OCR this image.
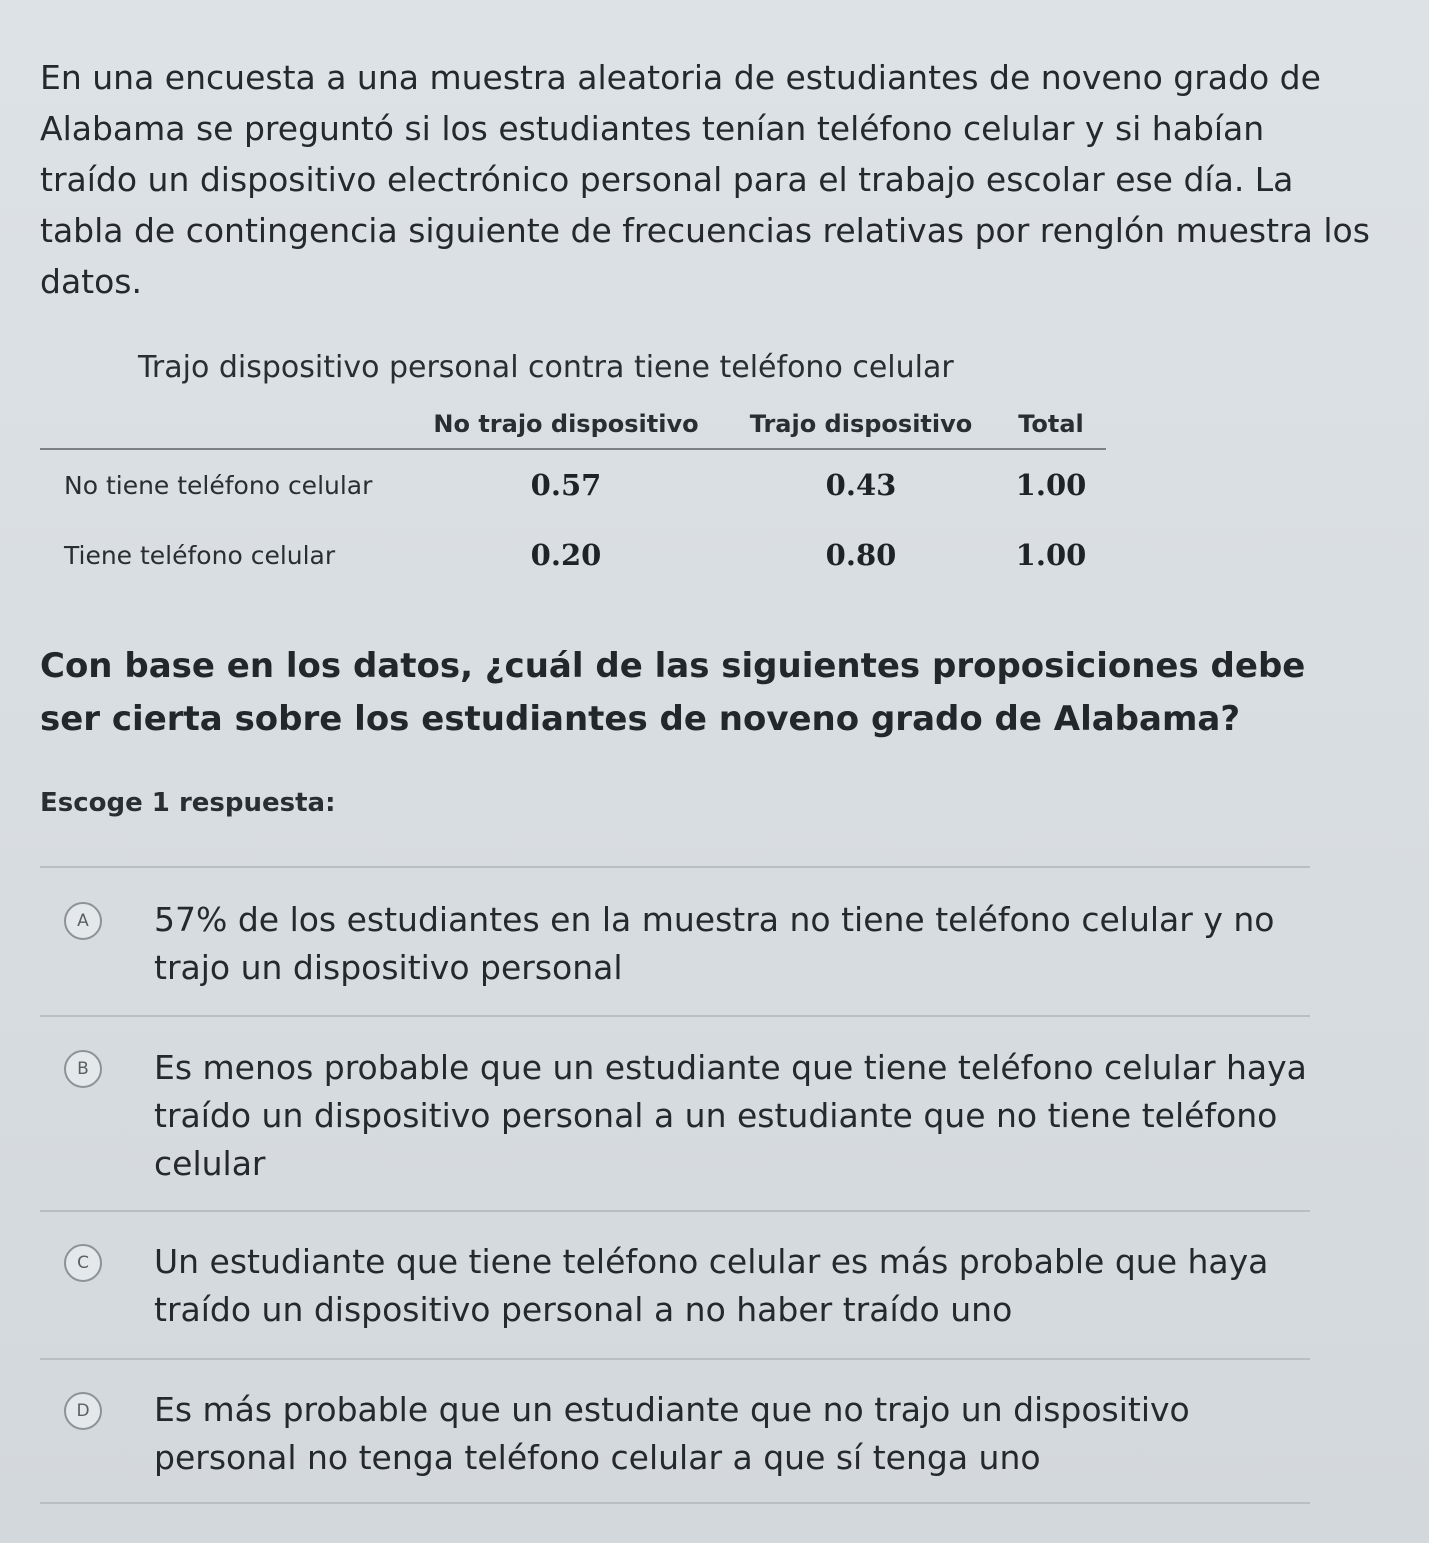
En una encuesta a una muestra aleatoria de estudiantes de noveno grado de Alabama se preguntó si los estudiantes tenían teléfono celular y si habían traído un dispositivo electrónico personal para el trabajo escolar ese día. La tabla de contingencia siguiente de frecuencias relativas por renglón muestra los datos.
Trajo dispositivo personal contra tiene teléfono celular
	No trajo dispositivo	Trajo dispositivo	Total
No tiene teléfono celular	0.57	0.43	1.00
Tiene teléfono celular	0.20	0.80	1.00
Con base en los datos, ¿cuál de las siguientes proposiciones debe ser cierta sobre los estudiantes de noveno grado de Alabama?
Escoge 1 respuesta:
A	57% de los estudiantes en la muestra no tiene teléfono celular y no trajo un dispositivo personal
B	Es menos probable que un estudiante que tiene teléfono celular haya traído un dispositivo personal a un estudiante que no tiene teléfono celular
C	Un estudiante que tiene teléfono celular es más probable que haya traído un dispositivo personal a no haber traído uno
D	Es más probable que un estudiante que no trajo un dispositivo personal no tenga teléfono celular a que sí tenga uno
